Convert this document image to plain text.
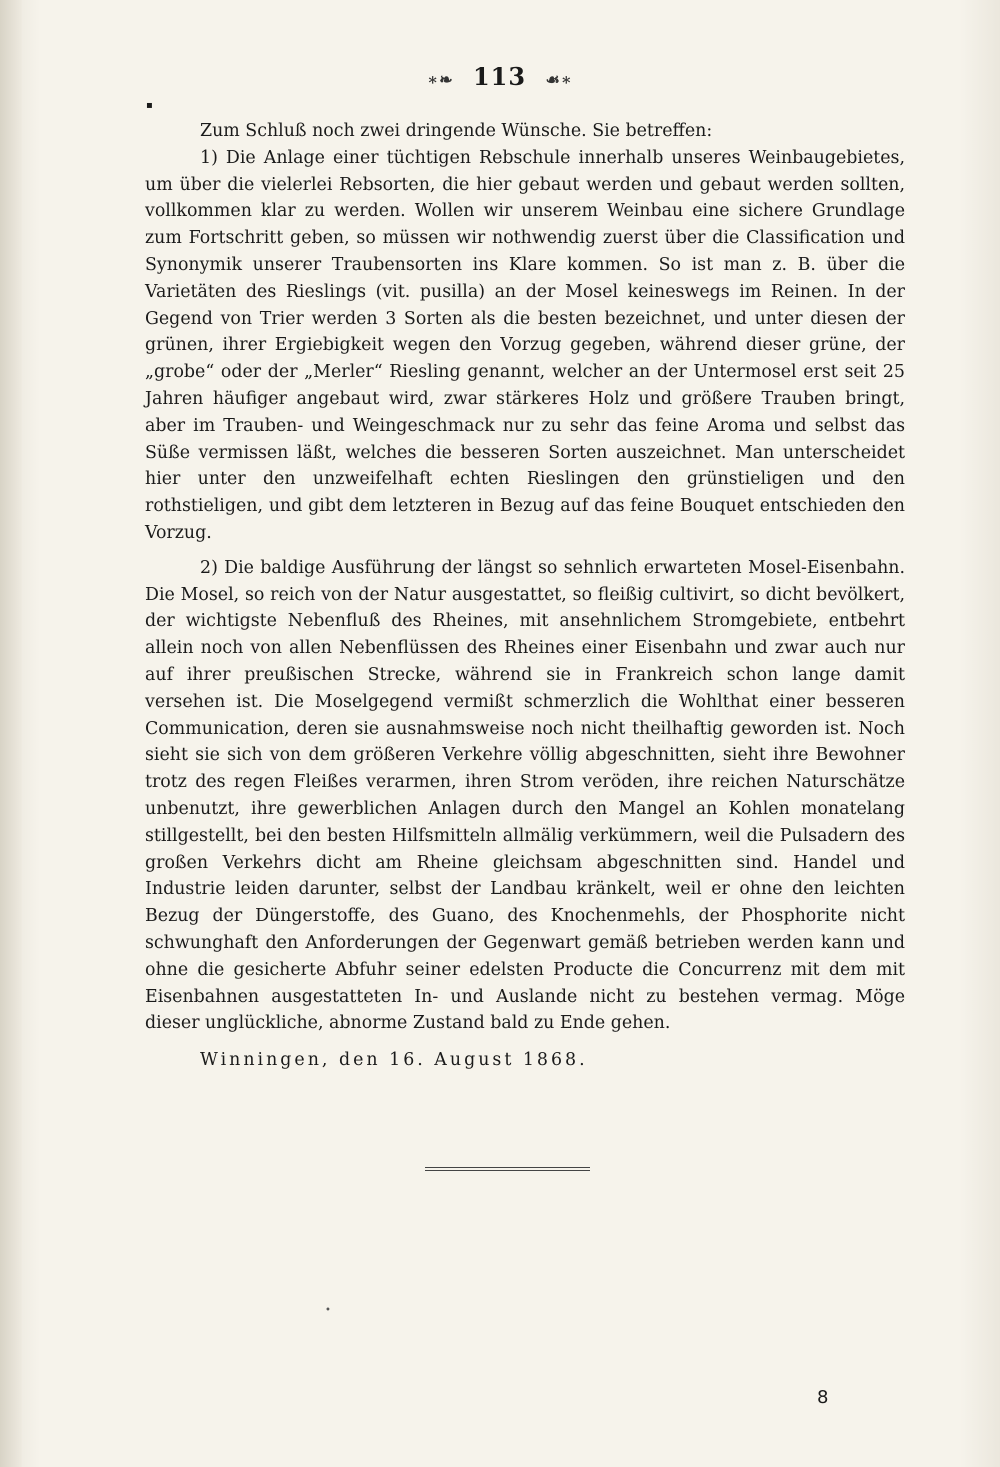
∗❧ 113 ☙∗
▪

Zum Schluß noch zwei dringende Wünsche. Sie betreffen:

1) Die Anlage einer tüchtigen Rebschule innerhalb unseres Weinbaugebietes, um über die vielerlei Rebsorten, die hier gebaut werden und gebaut werden sollten, vollkommen klar zu werden. Wollen wir unserem Weinbau eine sichere Grundlage zum Fortschritt geben, so müssen wir nothwendig zuerst über die Classification und Synonymik unserer Traubensorten ins Klare kommen. So ist man z. B. über die Varietäten des Rieslings (vit. pusilla) an der Mosel keineswegs im Reinen. In der Gegend von Trier werden 3 Sorten als die besten bezeichnet, und unter diesen der grünen, ihrer Ergiebigkeit wegen den Vorzug gegeben, während dieser grüne, der „grobe“ oder der „Merler“ Riesling genannt, welcher an der Untermosel erst seit 25 Jahren häufiger angebaut wird, zwar stärkeres Holz und größere Trauben bringt, aber im Trauben- und Weingeschmack nur zu sehr das feine Aroma und selbst das Süße vermissen läßt, welches die besseren Sorten auszeichnet. Man unterscheidet hier unter den unzweifelhaft echten Rieslingen den grünstieligen und den rothstieligen, und gibt dem letzteren in Bezug auf das feine Bouquet entschieden den Vorzug.

2) Die baldige Ausführung der längst so sehnlich erwarteten Mosel-Eisenbahn. Die Mosel, so reich von der Natur ausgestattet, so fleißig cultivirt, so dicht bevölkert, der wichtigste Nebenfluß des Rheines, mit ansehnlichem Stromgebiete, entbehrt allein noch von allen Nebenflüssen des Rheines einer Eisenbahn und zwar auch nur auf ihrer preußischen Strecke, während sie in Frankreich schon lange damit versehen ist. Die Moselgegend vermißt schmerzlich die Wohlthat einer besseren Communication, deren sie ausnahmsweise noch nicht theilhaftig geworden ist. Noch sieht sie sich von dem größeren Verkehre völlig abgeschnitten, sieht ihre Bewohner trotz des regen Fleißes verarmen, ihren Strom veröden, ihre reichen Naturschätze unbenutzt, ihre gewerblichen Anlagen durch den Mangel an Kohlen monatelang stillgestellt, bei den besten Hilfsmitteln allmälig verkümmern, weil die Pulsadern des großen Verkehrs dicht am Rheine gleichsam abgeschnitten sind. Handel und Industrie leiden darunter, selbst der Landbau kränkelt, weil er ohne den leichten Bezug der Düngerstoffe, des Guano, des Knochenmehls, der Phosphorite nicht schwunghaft den Anforderungen der Gegenwart gemäß betrieben werden kann und ohne die gesicherte Abfuhr seiner edelsten Producte die Concurrenz mit dem mit Eisenbahnen ausgestatteten In- und Auslande nicht zu bestehen vermag. Möge dieser unglückliche, abnorme Zustand bald zu Ende gehen.

Winningen, den 16. August 1868.

•
8
